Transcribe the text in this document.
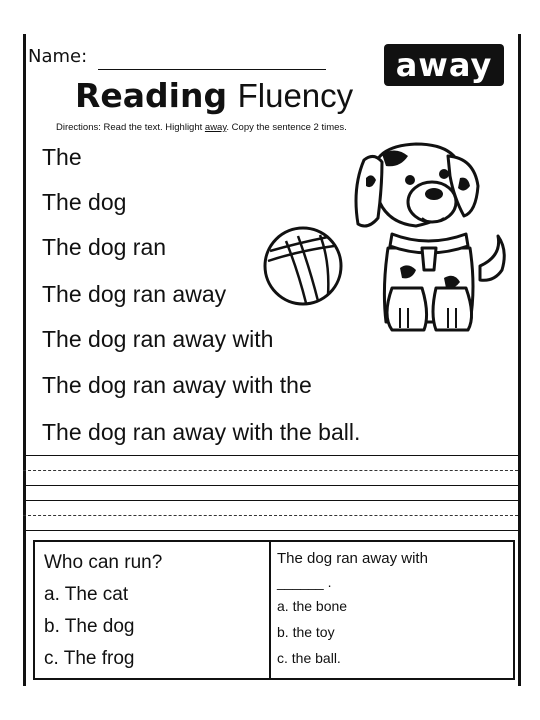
Name:	away
Reading Fluency
Directions: Read the text. Highlight away. Copy the sentence 2 times.
The
The dog
The dog ran
The dog ran away
The dog ran away with
The dog ran away with the
The dog ran away with the ball.
Who can run?
a. The cat
b. The dog
c. The frog
The dog ran away with
______ .
a. the bone
b. the toy
c. the ball.
